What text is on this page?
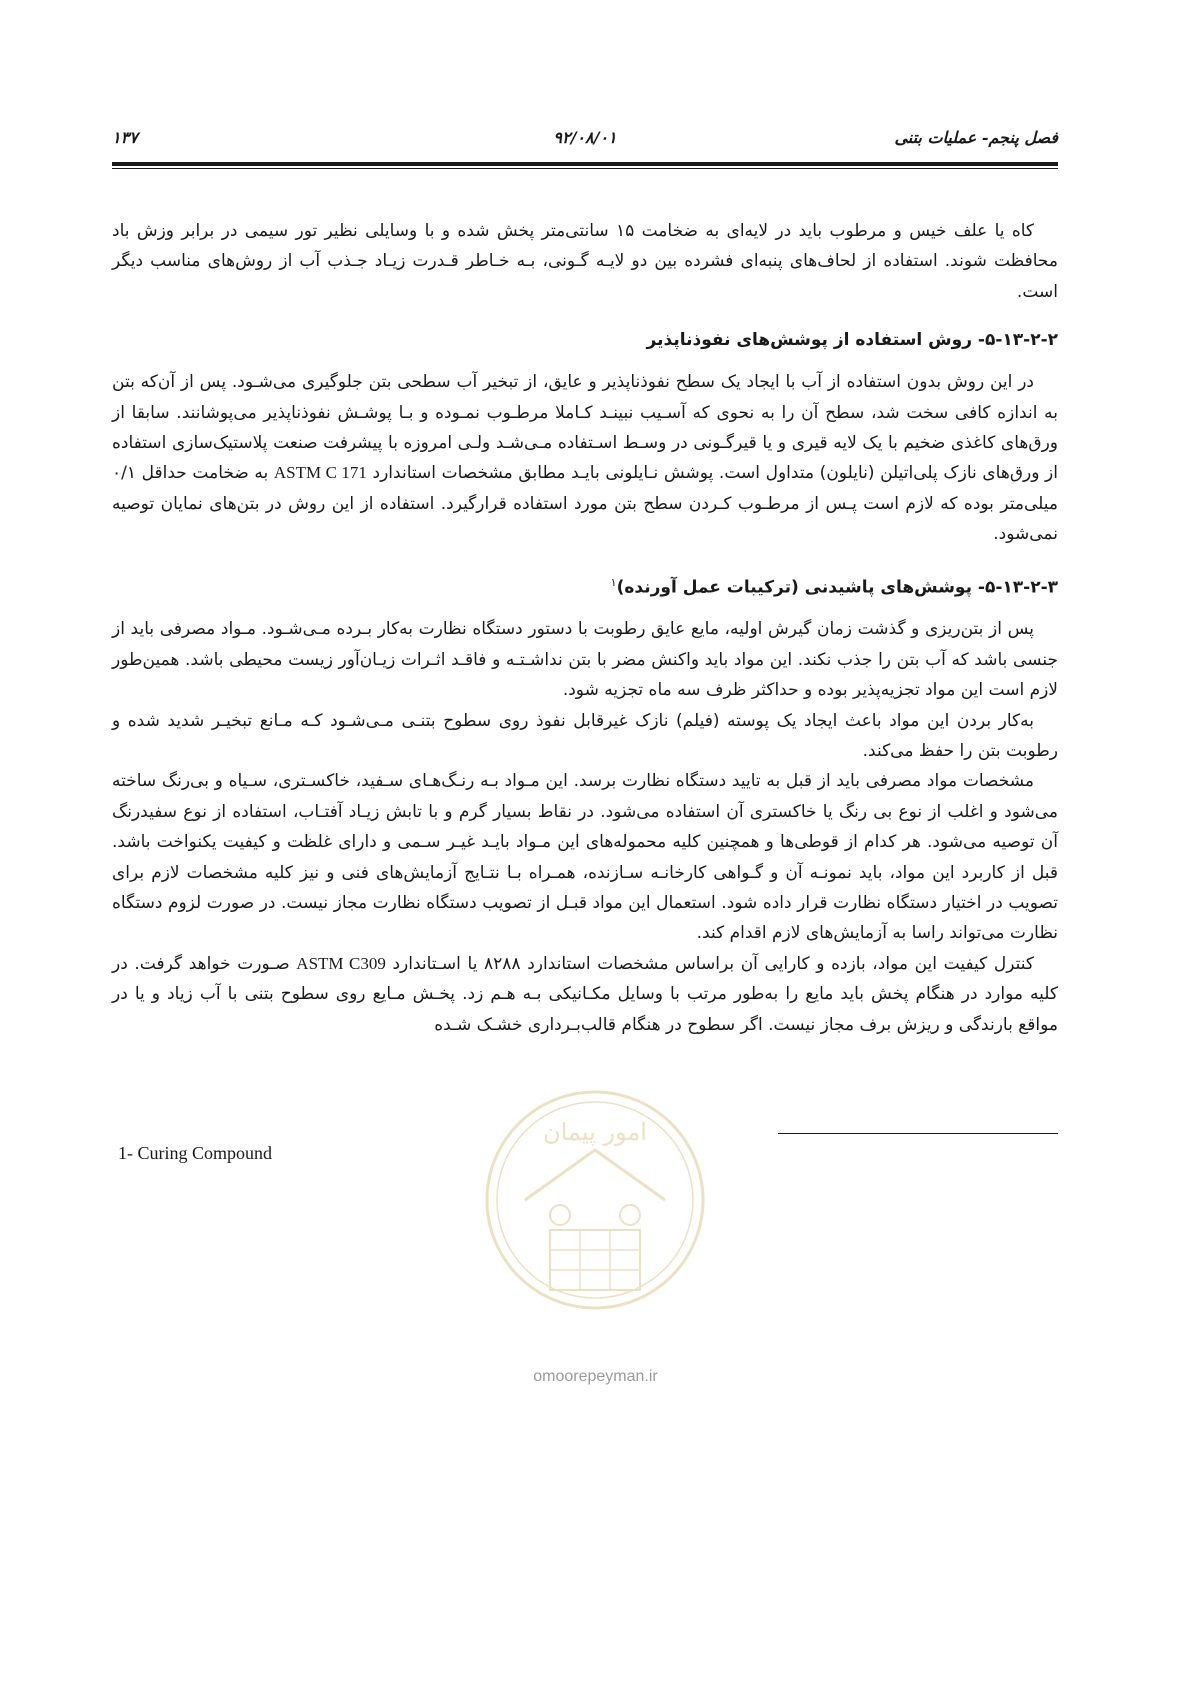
فصل پنجم- عملیات بتنی
۹۲/۰۸/۰۱
۱۳۷

کاه یا علف خیس و مرطوب باید در لایه‌ای به ضخامت ۱۵ سانتی‌متر پخش شده و با وسایلی نظیر تور سیمی در برابر وزش باد محافظت شوند. استفاده از لحاف‌های پنبه‌ای فشرده بین دو لایـه گـونی، بـه خـاطر قـدرت زیـاد جـذب آب از روش‌های مناسب دیگر است.

۵-۱۳-۲-۲- روش استفاده از پوشش‌های نفوذناپذیر

در این روش بدون استفاده از آب با ایجاد یک سطح نفوذناپذیر و عایق، از تبخیر آب سطحی بتن جلوگیری می‌شـود. پس از آن‌که بتن به اندازه کافی سخت شد، سطح آن را به نحوی که آسـیب نبینـد کـاملا مرطـوب نمـوده و بـا پوشـش نفوذناپذیر می‌پوشانند. سابقا از ورق‌های کاغذی ضخیم با یک لایه قیری و یا قیرگـونی در وسـط اسـتفاده مـی‌شـد ولـی امروزه با پیشرفت صنعت پلاستیک‌سازی استفاده از ورق‌های نازک پلی‌اتیلن (نایلون) متداول است. پوشش نـایلونی بایـد مطابق مشخصات استاندارد ASTM C 171 به ضخامت حداقل ۰/۱ میلی‌متر بوده که لازم است پـس از مرطـوب کـردن سطح بتن مورد استفاده قرارگیرد. استفاده از این روش در بتن‌های نمایان توصیه نمی‌شود.

۵-۱۳-۲-۳- پوشش‌های پاشیدنی (ترکیبات عمل آورنده)$^۱$

پس از بتن‌ریزی و گذشت زمان گیرش اولیه، مایع عایق رطوبت با دستور دستگاه نظارت به‌کار بـرده مـی‌شـود. مـواد مصرفی باید از جنسی باشد که آب بتن را جذب نکند. این مواد باید واکنش مضر با بتن نداشـتـه و فاقـد اثـرات زیـان‌آور زیست محیطی باشد. همین‌طور لازم است این مواد تجزیه‌پذیر بوده و حداکثر ظرف سه ماه تجزیه شود.

به‌کار بردن این مواد باعث ایجاد یک پوسته (فیلم) نازک غیرقابل نفوذ روی سطوح بتنـی مـی‌شـود کـه مـانع تبخیـر شدید شده و رطوبت بتن را حفظ می‌کند.

مشخصات مواد مصرفی باید از قبل به تایید دستگاه نظارت برسد. این مـواد بـه رنـگ‌هـای سـفید، خاکسـتری، سـیاه و بی‌رنگ ساخته می‌شود و اغلب از نوع بی رنگ یا خاکستری آن استفاده می‌شود. در نقاط بسیار گرم و با تابش زیـاد آفتـاب، استفاده از نوع سفیدرنگ آن توصیه می‌شود. هر کدام از قوطی‌ها و همچنین کلیه محموله‌های این مـواد بایـد غیـر سـمی و دارای غلظت و کیفیت یکنواخت باشد. قبل از کاربرد این مواد، باید نمونـه آن و گـواهی کارخانـه سـازنده، همـراه بـا نتـایج آزمایش‌های فنی و نیز کلیه مشخصات لازم برای تصویب در اختیار دستگاه نظارت قرار داده شود. استعمال این مواد قبـل از تصویب دستگاه نظارت مجاز نیست. در صورت لزوم دستگاه نظارت می‌تواند راسا به آزمایش‌های لازم اقدام کند.

کنترل کیفیت این مواد، بازده و کارایی آن براساس مشخصات استاندارد ۸۲۸۸ یا اسـتاندارد ASTM C309 صـورت خواهد گرفت. در کلیه موارد در هنگام پخش باید مایع را به‌طور مرتب با وسایل مکـانیکی بـه هـم زد. پخـش مـایع روی سطوح بتنی با آب زیاد و یا در مواقع بارندگی و ریزش برف مجاز نیست. اگر سطوح در هنگام قالب‌بـرداری خشـک شـده

امور پیمان
omoorepeyman.ir
1- Curing Compound
